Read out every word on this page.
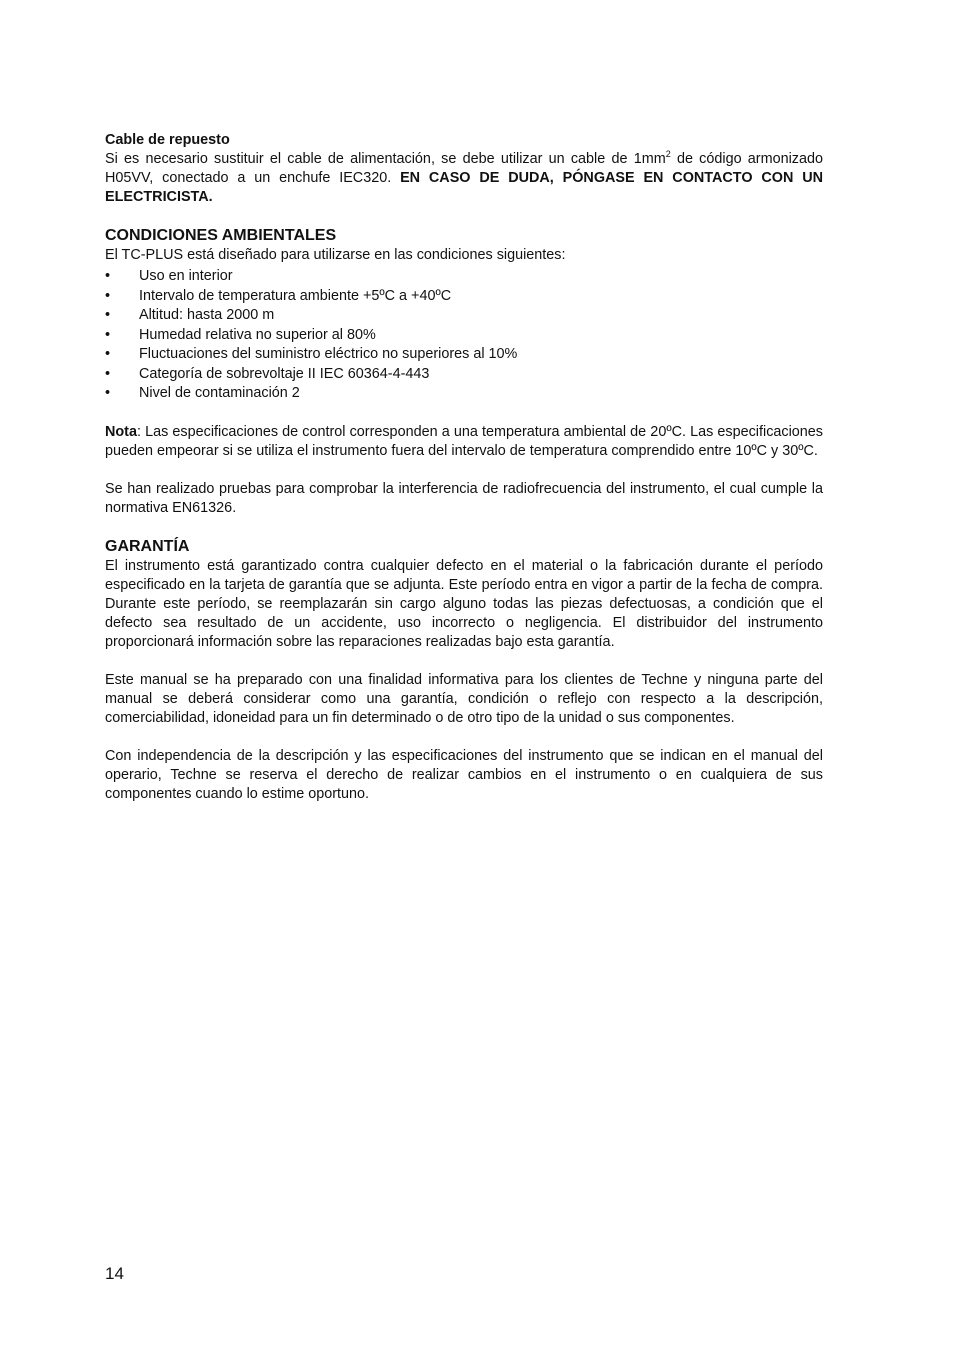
Cable de repuesto

Si es necesario sustituir el cable de alimentación, se debe utilizar un cable de $1mm^2$ de código armonizado H05VV, conectado a un enchufe IEC320. EN CASO DE DUDA, PÓNGASE EN CONTACTO CON UN ELECTRICISTA.

CONDICIONES AMBIENTALES

El TC-PLUS está diseñado para utilizarse en las condiciones siguientes:

• Uso en interior
• Intervalo de temperatura ambiente +5ºC a +40ºC
• Altitud: hasta 2000 m
• Humedad relativa no superior al 80%
• Fluctuaciones del suministro eléctrico no superiores al 10%
• Categoría de sobrevoltaje II IEC 60364-4-443
• Nivel de contaminación 2

Nota: Las especificaciones de control corresponden a una temperatura ambiental de 20ºC. Las especificaciones pueden empeorar si se utiliza el instrumento fuera del intervalo de temperatura comprendido entre 10ºC y 30ºC.

Se han realizado pruebas para comprobar la interferencia de radiofrecuencia del instrumento, el cual cumple la normativa EN61326.

GARANTÍA

El instrumento está garantizado contra cualquier defecto en el material o la fabricación durante el período especificado en la tarjeta de garantía que se adjunta. Este período entra en vigor a partir de la fecha de compra. Durante este período, se reemplazarán sin cargo alguno todas las piezas defectuosas, a condición que el defecto sea resultado de un accidente, uso incorrecto o negligencia. El distribuidor del instrumento proporcionará información sobre las reparaciones realizadas bajo esta garantía.

Este manual se ha preparado con una finalidad informativa para los clientes de Techne y ninguna parte del manual se deberá considerar como una garantía, condición o reflejo con respecto a la descripción, comerciabilidad, idoneidad para un fin determinado o de otro tipo de la unidad o sus componentes.

Con independencia de la descripción y las especificaciones del instrumento que se indican en el manual del operario, Techne se reserva el derecho de realizar cambios en el instrumento o en cualquiera de sus componentes cuando lo estime oportuno.

14
